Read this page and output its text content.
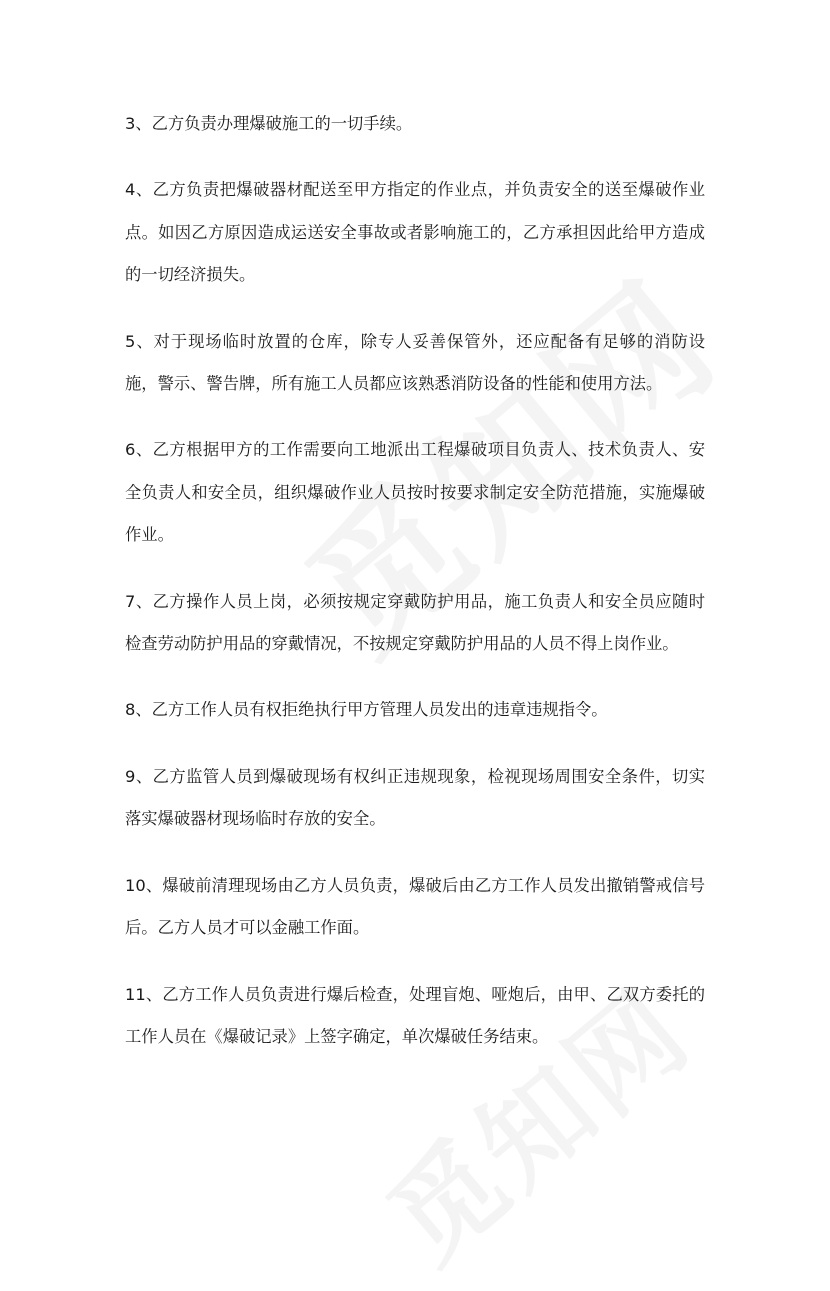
3、乙方负责办理爆破施工的一切手续。

4、乙方负责把爆破器材配送至甲方指定的作业点，并负责安全的送至爆破作业点。如因乙方原因造成运送安全事故或者影响施工的，乙方承担因此给甲方造成的一切经济损失。

5、对于现场临时放置的仓库，除专人妥善保管外，还应配备有足够的消防设施，警示、警告牌，所有施工人员都应该熟悉消防设备的性能和使用方法。

6、乙方根据甲方的工作需要向工地派出工程爆破项目负责人、技术负责人、安全负责人和安全员，组织爆破作业人员按时按要求制定安全防范措施，实施爆破作业。

7、乙方操作人员上岗，必须按规定穿戴防护用品，施工负责人和安全员应随时检查劳动防护用品的穿戴情况，不按规定穿戴防护用品的人员不得上岗作业。

8、乙方工作人员有权拒绝执行甲方管理人员发出的违章违规指令。

9、乙方监管人员到爆破现场有权纠正违规现象，检视现场周围安全条件，切实落实爆破器材现场临时存放的安全。

10、爆破前清理现场由乙方人员负责，爆破后由乙方工作人员发出撤销警戒信号后。乙方人员才可以金融工作面。

11、乙方工作人员负责进行爆后检查，处理盲炮、哑炮后，由甲、乙双方委托的工作人员在《爆破记录》上签字确定，单次爆破任务结束。
